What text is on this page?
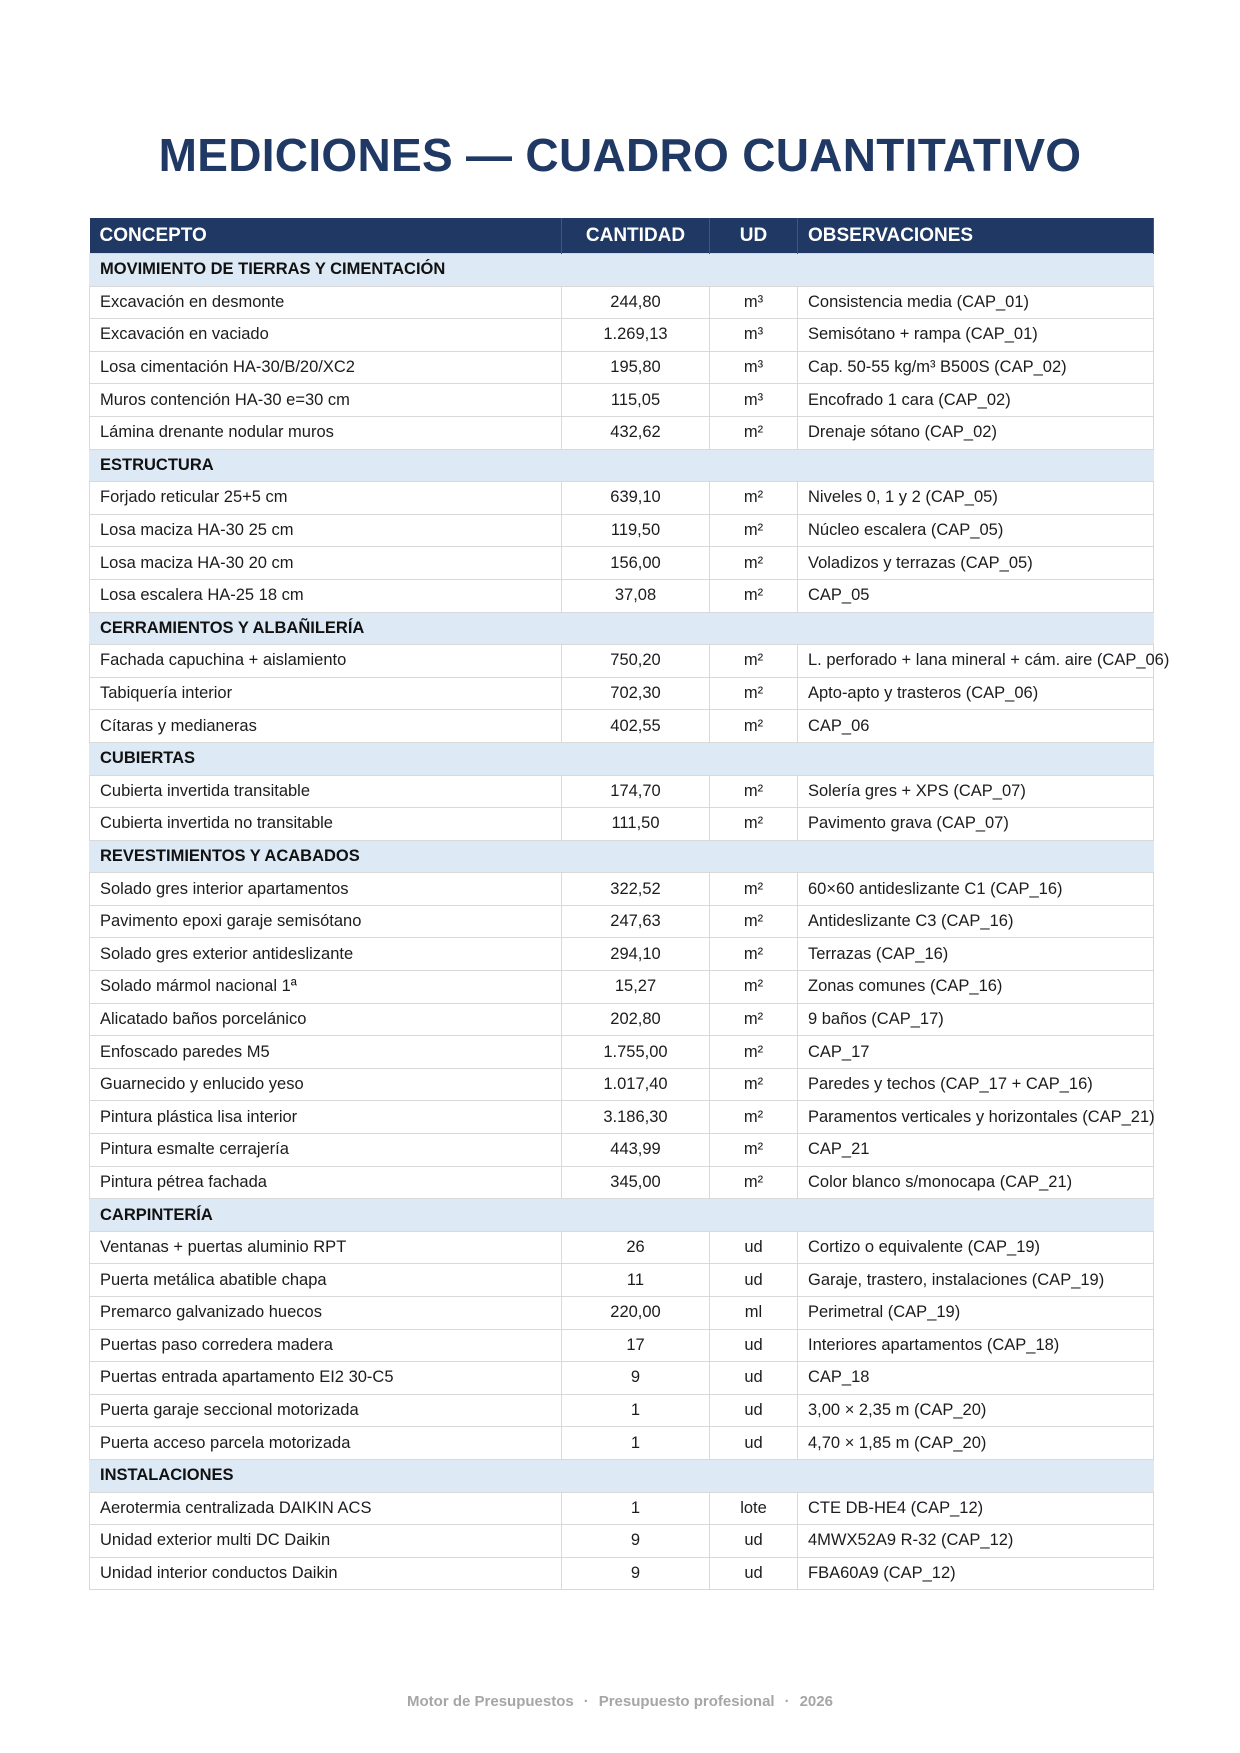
MEDICIONES — CUADRO CUANTITATIVO
CONCEPTO	CANTIDAD	UD	OBSERVACIONES
MOVIMIENTO DE TIERRAS Y CIMENTACIÓN			
Excavación en desmonte	244,80	m³	Consistencia media (CAP_01)
Excavación en vaciado	1.269,13	m³	Semisótano + rampa (CAP_01)
Losa cimentación HA-30/B/20/XC2	195,80	m³	Cap. 50-55 kg/m³ B500S (CAP_02)
Muros contención HA-30 e=30 cm	115,05	m³	Encofrado 1 cara (CAP_02)
Lámina drenante nodular muros	432,62	m²	Drenaje sótano (CAP_02)
ESTRUCTURA			
Forjado reticular 25+5 cm	639,10	m²	Niveles 0, 1 y 2 (CAP_05)
Losa maciza HA-30 25 cm	119,50	m²	Núcleo escalera (CAP_05)
Losa maciza HA-30 20 cm	156,00	m²	Voladizos y terrazas (CAP_05)
Losa escalera HA-25 18 cm	37,08	m²	CAP_05
CERRAMIENTOS Y ALBAÑILERÍA			
Fachada capuchina + aislamiento	750,20	m²	L. perforado + lana mineral + cám. aire (CAP_06)
Tabiquería interior	702,30	m²	Apto-apto y trasteros (CAP_06)
Cítaras y medianeras	402,55	m²	CAP_06
CUBIERTAS			
Cubierta invertida transitable	174,70	m²	Solería gres + XPS (CAP_07)
Cubierta invertida no transitable	111,50	m²	Pavimento grava (CAP_07)
REVESTIMIENTOS Y ACABADOS			
Solado gres interior apartamentos	322,52	m²	60×60 antideslizante C1 (CAP_16)
Pavimento epoxi garaje semisótano	247,63	m²	Antideslizante C3 (CAP_16)
Solado gres exterior antideslizante	294,10	m²	Terrazas (CAP_16)
Solado mármol nacional 1ª	15,27	m²	Zonas comunes (CAP_16)
Alicatado baños porcelánico	202,80	m²	9 baños (CAP_17)
Enfoscado paredes M5	1.755,00	m²	CAP_17
Guarnecido y enlucido yeso	1.017,40	m²	Paredes y techos (CAP_17 + CAP_16)
Pintura plástica lisa interior	3.186,30	m²	Paramentos verticales y horizontales (CAP_21)
Pintura esmalte cerrajería	443,99	m²	CAP_21
Pintura pétrea fachada	345,00	m²	Color blanco s/monocapa (CAP_21)
CARPINTERÍA			
Ventanas + puertas aluminio RPT	26	ud	Cortizo o equivalente (CAP_19)
Puerta metálica abatible chapa	11	ud	Garaje, trastero, instalaciones (CAP_19)
Premarco galvanizado huecos	220,00	ml	Perimetral (CAP_19)
Puertas paso corredera madera	17	ud	Interiores apartamentos (CAP_18)
Puertas entrada apartamento EI2 30-C5	9	ud	CAP_18
Puerta garaje seccional motorizada	1	ud	3,00 × 2,35 m (CAP_20)
Puerta acceso parcela motorizada	1	ud	4,70 × 1,85 m (CAP_20)
INSTALACIONES			
Aerotermia centralizada DAIKIN ACS	1	lote	CTE DB-HE4 (CAP_12)
Unidad exterior multi DC Daikin	9	ud	4MWX52A9 R-32 (CAP_12)
Unidad interior conductos Daikin	9	ud	FBA60A9 (CAP_12)
Motor de Presupuestos · Presupuesto profesional · 2026
